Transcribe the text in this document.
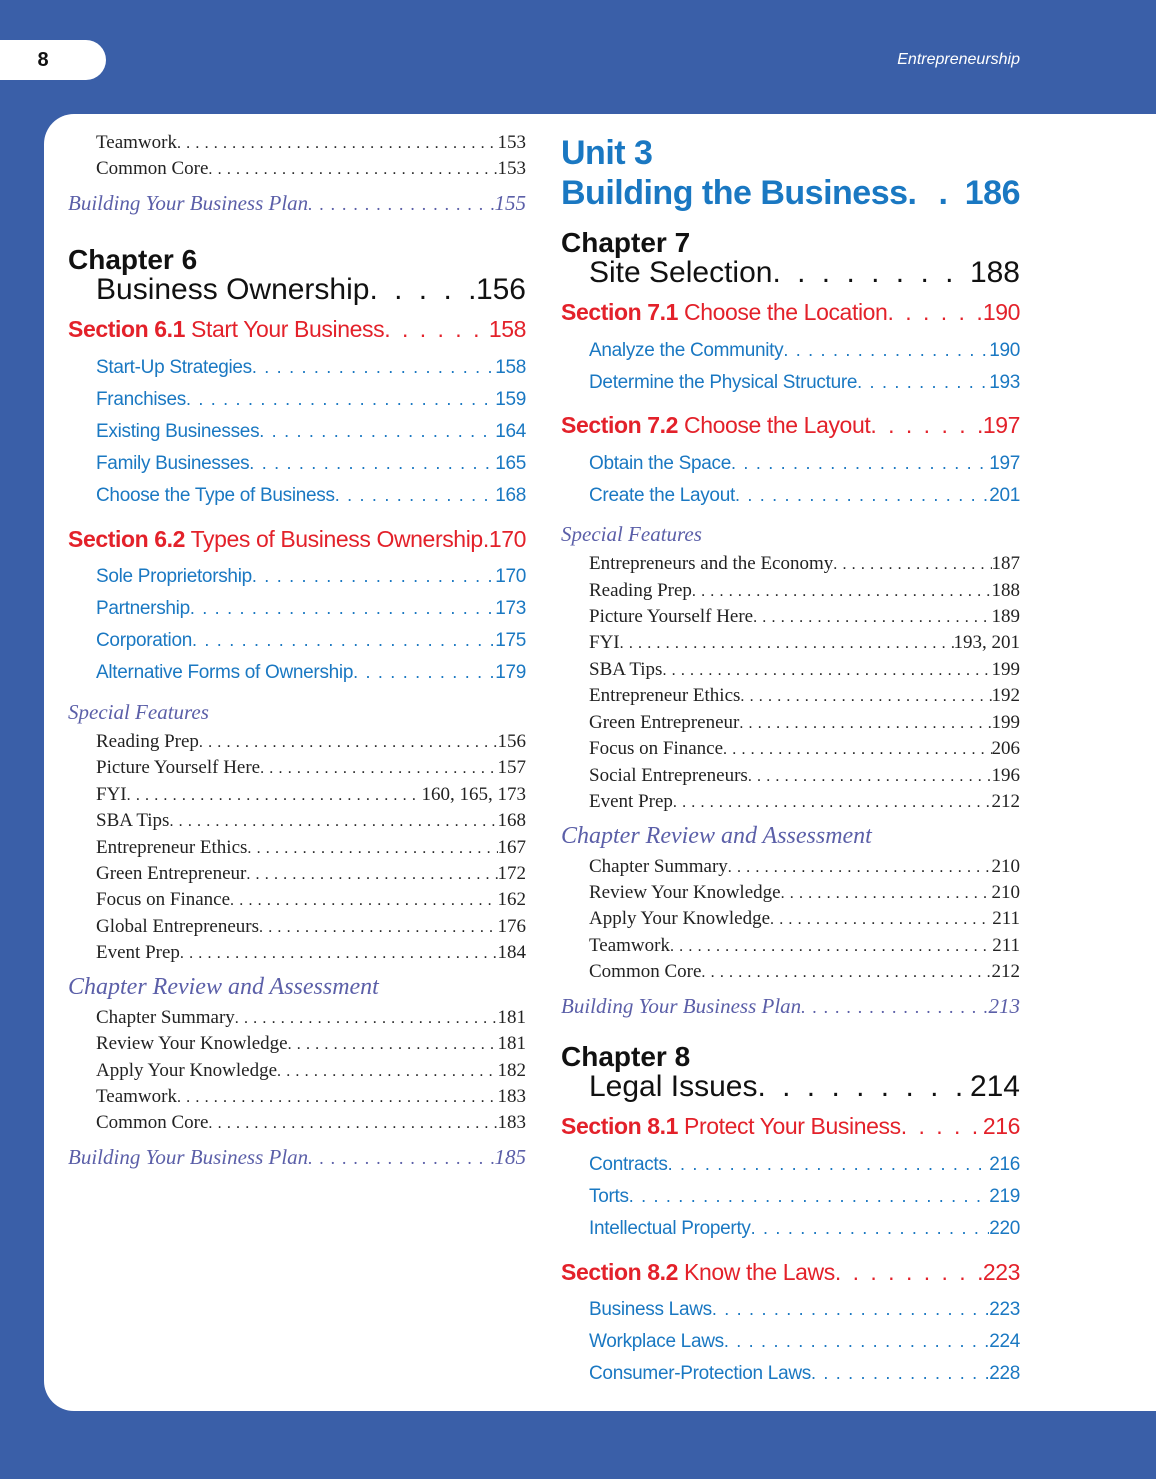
8	Entrepreneurship
Teamwork . . .	153
Common Core . . .	153
Building Your Business Plan . . .	155
Chapter 6
Business Ownership . . .	156
Section 6.1 Start Your Business . . .	158
Start-Up Strategies . . .	158
Franchises . . .	159
Existing Businesses . . .	164
Family Businesses . . .	165
Choose the Type of Business . . .	168
Section 6.2 Types of Business Ownership . . . 170
Sole Proprietorship . . .	170
Partnership . . .	173
Corporation . . .	175
Alternative Forms of Ownership . . .	179
Special Features
Reading Prep . . .	156
Picture Yourself Here . . .	157
FYI . . .	160, 165, 173
SBA Tips . . .	168
Entrepreneur Ethics . . .	167
Green Entrepreneur . . .	172
Focus on Finance . . .	162
Global Entrepreneurs . . .	176
Event Prep . . .	184
Chapter Review and Assessment
Chapter Summary . . .	181
Review Your Knowledge . . .	181
Apply Your Knowledge . . .	182
Teamwork . . .	183
Common Core . . .	183
Building Your Business Plan . . .	185
Unit 3
Building the Business . . . 186
Chapter 7
Site Selection . . .	188
Section 7.1 Choose the Location . . .	190
Analyze the Community . . .	190
Determine the Physical Structure . . .	193
Section 7.2 Choose the Layout . . .	197
Obtain the Space . . .	197
Create the Layout . . .	201
Special Features
Entrepreneurs and the Economy . . .	187
Reading Prep . . .	188
Picture Yourself Here . . .	189
FYI . . .	193, 201
SBA Tips . . .	199
Entrepreneur Ethics . . .	192
Green Entrepreneur . . .	199
Focus on Finance . . .	206
Social Entrepreneurs . . .	196
Event Prep . . .	212
Chapter Review and Assessment
Chapter Summary . . .	210
Review Your Knowledge . . .	210
Apply Your Knowledge . . .	211
Teamwork . . .	211
Common Core . . .	212
Building Your Business Plan . . .	213
Chapter 8
Legal Issues . . .	214
Section 8.1 Protect Your Business . . .	216
Contracts . . .	216
Torts . . .	219
Intellectual Property . . .	220
Section 8.2 Know the Laws . . .	223
Business Laws . . .	223
Workplace Laws . . .	224
Consumer-Protection Laws . . .	228
